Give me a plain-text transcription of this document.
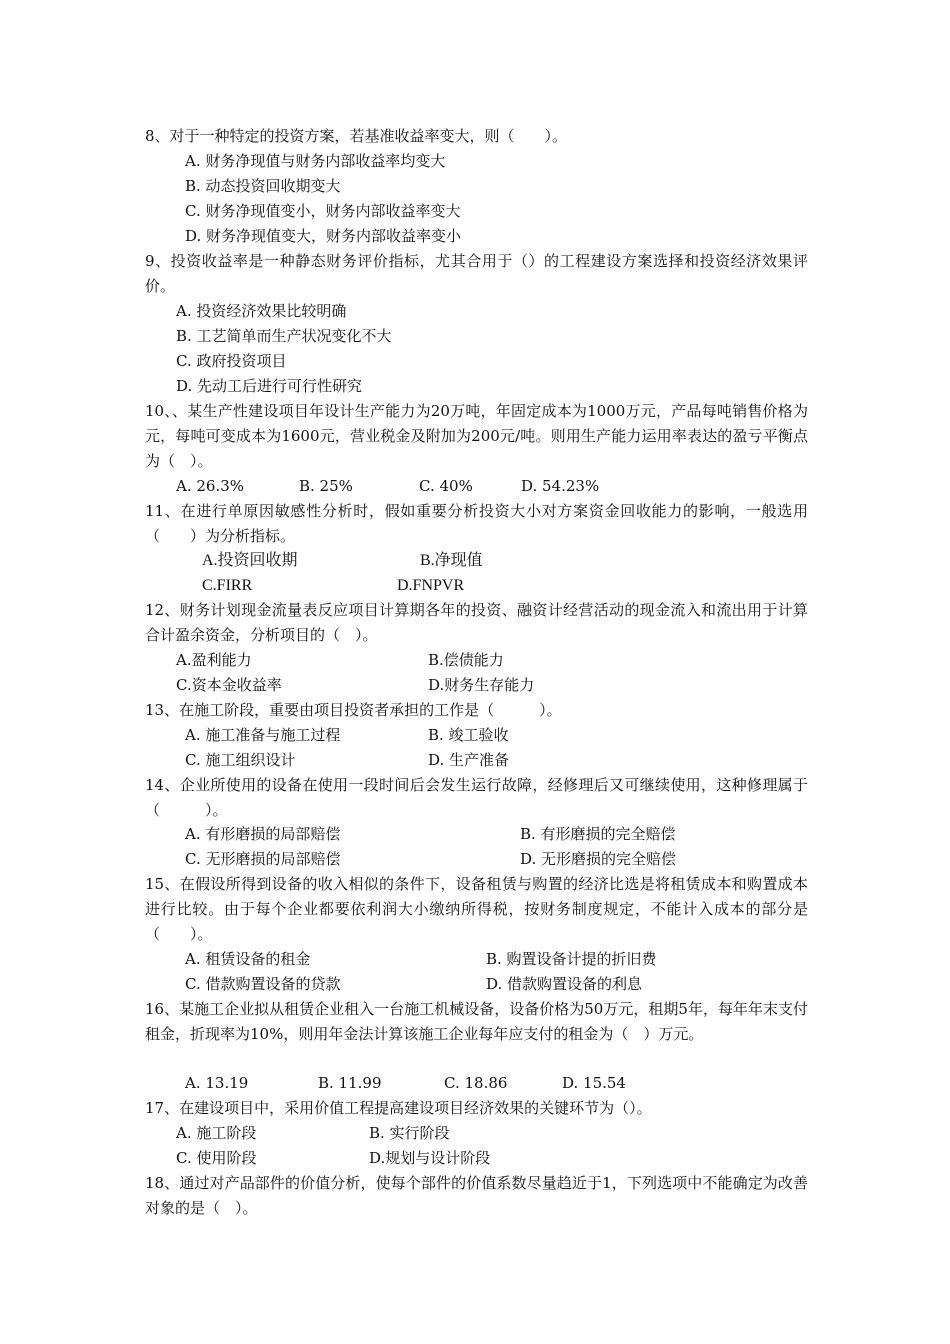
8、对于一种特定的投资方案，若基准收益率变大，则（　　）。
A. 财务净现值与财务内部收益率均变大
B. 动态投资回收期变大
C. 财务净现值变小，财务内部收益率变大
D. 财务净现值变大，财务内部收益率变小
9、投资收益率是一种静态财务评价指标，尤其合用于（）的工程建设方案选择和投资经济效果评价。
A. 投资经济效果比较明确
B. 工艺简单而生产状况变化不大
C. 政府投资项目
D. 先动工后进行可行性研究
10、、某生产性建设项目年设计生产能力为20万吨，年固定成本为1000万元，产品每吨销售价格为元，每吨可变成本为1600元，营业税金及附加为200元/吨。则用生产能力运用率表达的盈亏平衡点为（　）。
A. 26.3%	B. 25%	C. 40%	D. 54.23%
11、在进行单原因敏感性分析时，假如重要分析投资大小对方案资金回收能力的影响，一般选用（　　）为分析指标。
A.投资回收期	B.净现值
C.FIRR	D.FNPVR
12、财务计划现金流量表反应项目计算期各年的投资、融资计经营活动的现金流入和流出用于计算合计盈余资金，分析项目的（　）。
A.盈利能力	B.偿债能力
C.资本金收益率	D.财务生存能力
13、在施工阶段，重要由项目投资者承担的工作是（　　　）。
A. 施工准备与施工过程	B. 竣工验收
C. 施工组织设计	D. 生产准备
14、企业所使用的设备在使用一段时间后会发生运行故障，经修理后又可继续使用，这种修理属于（　　　）。
A. 有形磨损的局部赔偿	B. 有形磨损的完全赔偿
C. 无形磨损的局部赔偿	D. 无形磨损的完全赔偿
15、在假设所得到设备的收入相似的条件下，设备租赁与购置的经济比选是将租赁成本和购置成本进行比较。由于每个企业都要依利润大小缴纳所得税，按财务制度规定，不能计入成本的部分是（　　）。
A. 租赁设备的租金	B. 购置设备计提的折旧费
C. 借款购置设备的贷款	D. 借款购置设备的利息
16、某施工企业拟从租赁企业租入一台施工机械设备，设备价格为50万元，租期5年，每年年末支付租金，折现率为10%，则用年金法计算该施工企业每年应支付的租金为（　）万元。
A. 13.19	B. 11.99	C. 18.86	D. 15.54
17、在建设项目中，采用价值工程提高建设项目经济效果的关键环节为（）。
A. 施工阶段	B. 实行阶段
C. 使用阶段	D.规划与设计阶段
18、通过对产品部件的价值分析，使每个部件的价值系数尽量趋近于1，下列选项中不能确定为改善对象的是（　）。
